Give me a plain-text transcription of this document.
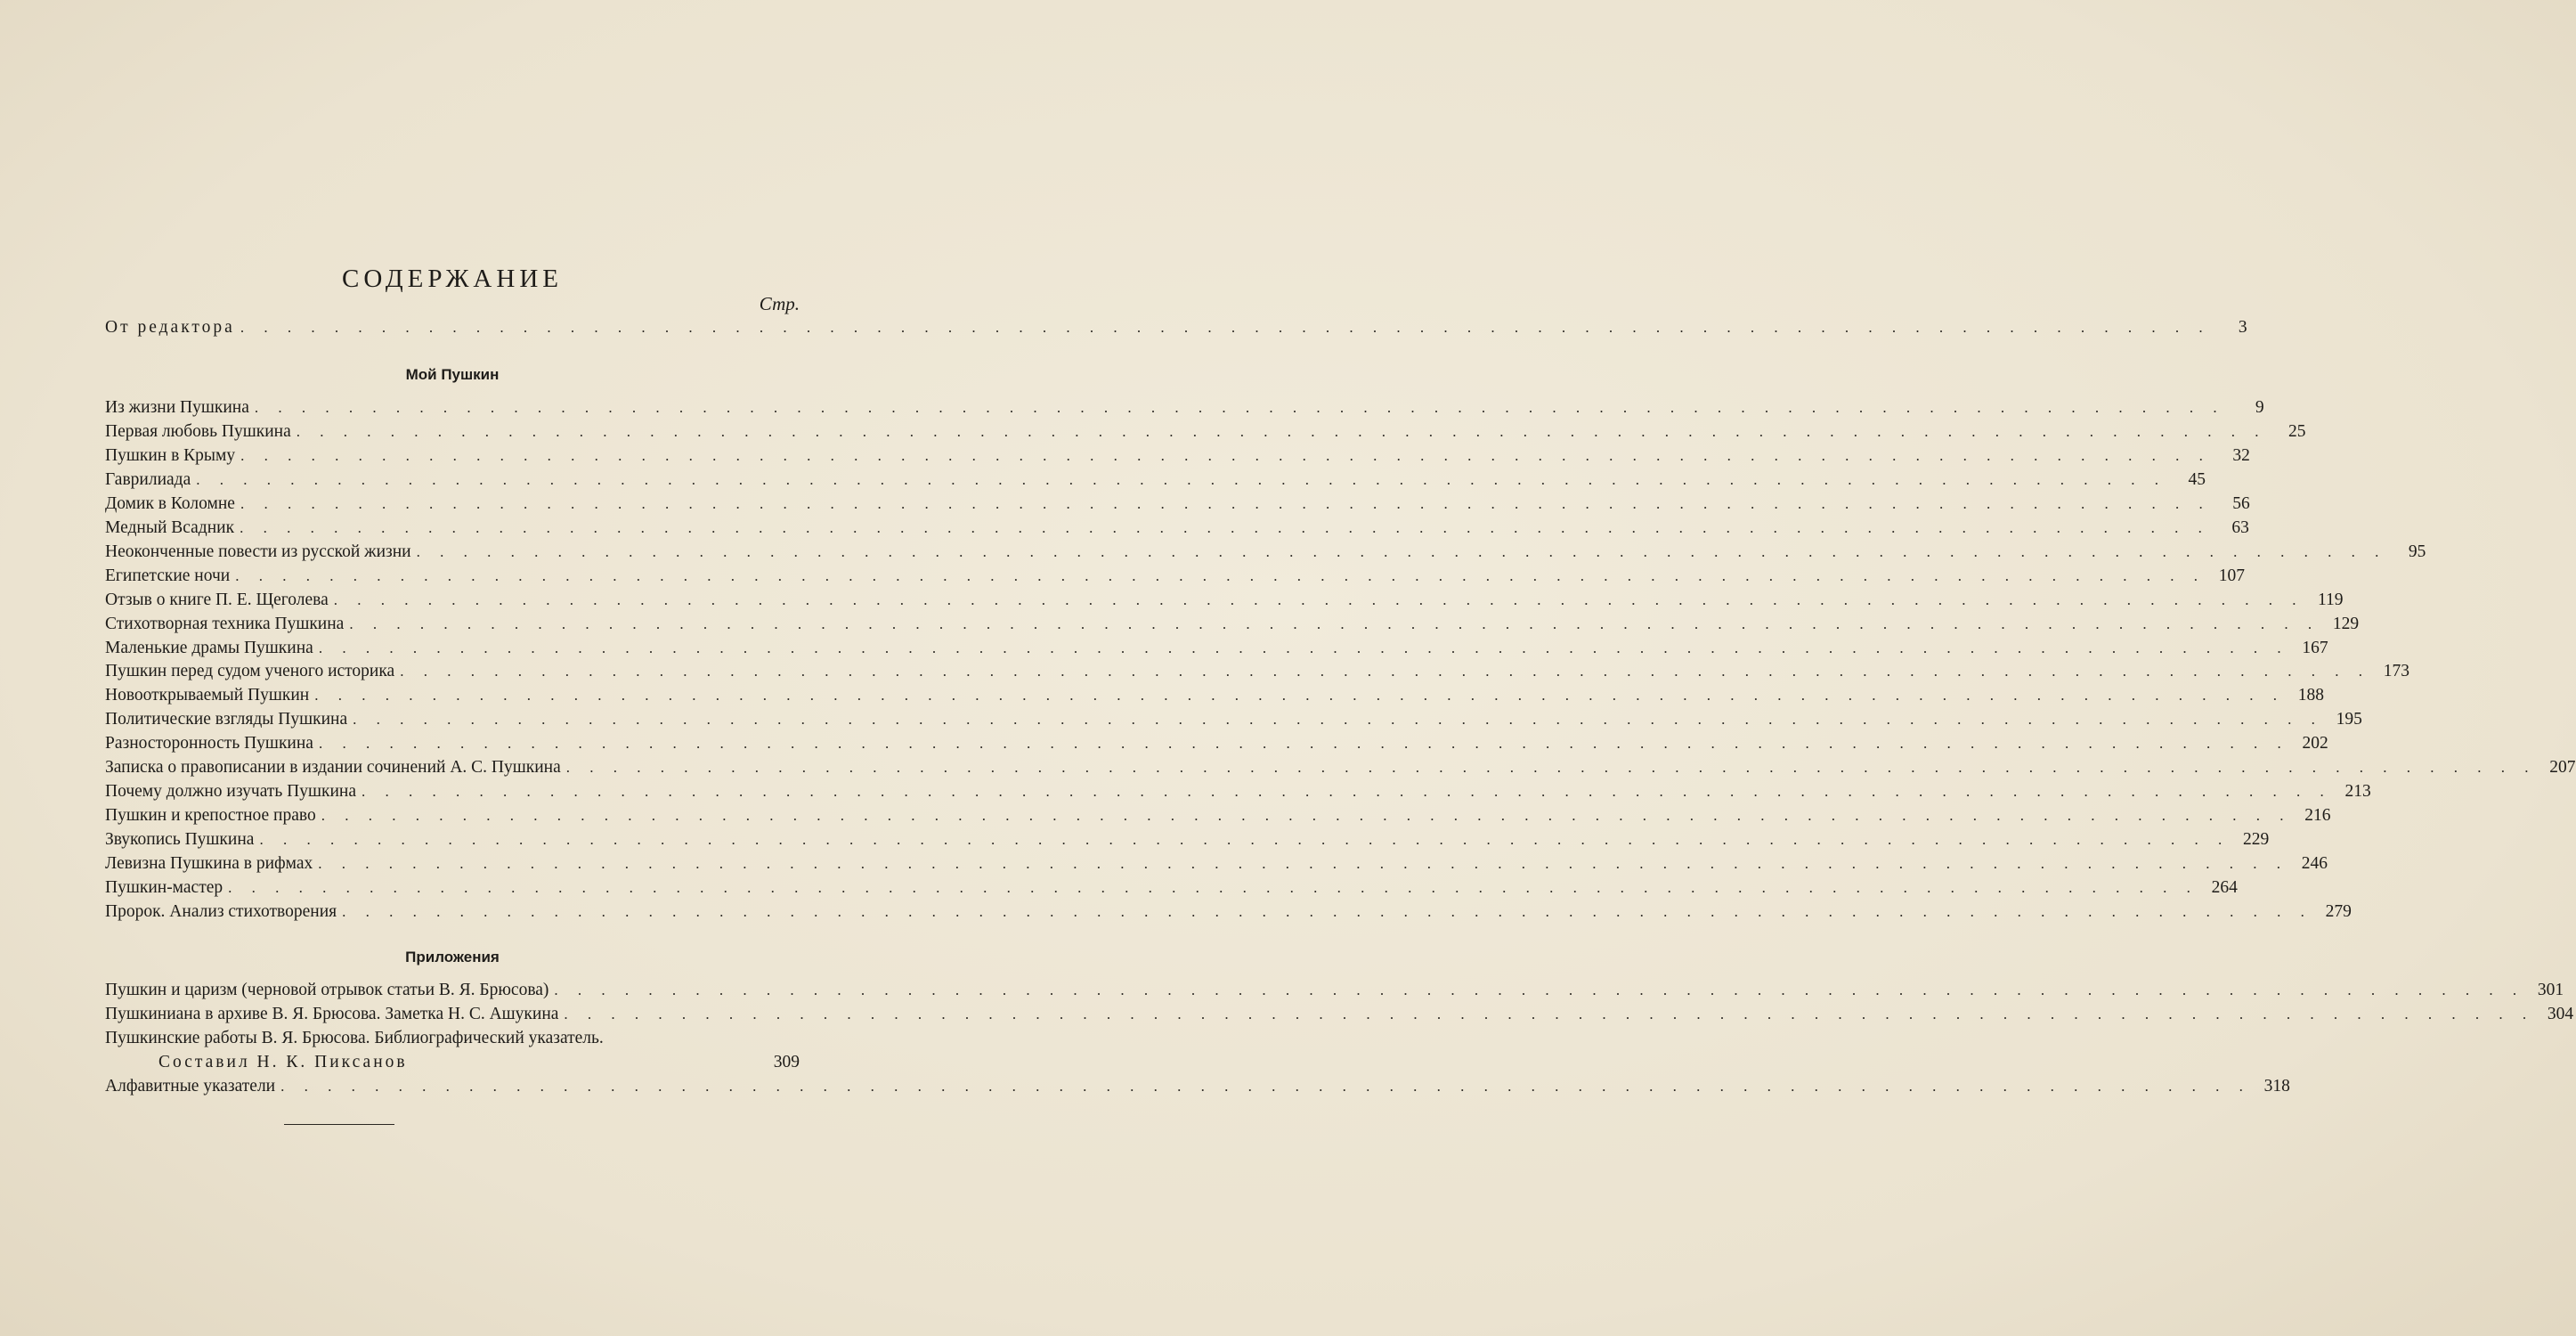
СОДЕРЖАНИЕ
Стр.
От редактора . . . . . . . . . . . . . . . . . . . . . . . . . . . . . . . . . . . . . . . . . . . . . . . . . . . . . . . . . . . . . . . . . . . . . . . . . . . . . . . . . . . .	3
Мой Пушкин
Из жизни Пушкина . . . . . . . . . . . . . . . . . . . . . . . . . . . . . . . . . . . . . . . . . . . . . . . . . . . . . . . . . . . . . . . . . . . . . . . . . . . . . . . . . . . .	9
Первая любовь Пушкина . . . . . . . . . . . . . . . . . . . . . . . . . . . . . . . . . . . . . . . . . . . . . . . . . . . . . . . . . . . . . . . . . . . . . . . . . . . . . . . . . . . .	25
Пушкин в Крыму . . . . . . . . . . . . . . . . . . . . . . . . . . . . . . . . . . . . . . . . . . . . . . . . . . . . . . . . . . . . . . . . . . . . . . . . . . . . . . . . . . . .	32
Гаврилиада . . . . . . . . . . . . . . . . . . . . . . . . . . . . . . . . . . . . . . . . . . . . . . . . . . . . . . . . . . . . . . . . . . . . . . . . . . . . . . . . . . . .	45
Домик в Коломне . . . . . . . . . . . . . . . . . . . . . . . . . . . . . . . . . . . . . . . . . . . . . . . . . . . . . . . . . . . . . . . . . . . . . . . . . . . . . . . . . . . .	56
Медный Всадник . . . . . . . . . . . . . . . . . . . . . . . . . . . . . . . . . . . . . . . . . . . . . . . . . . . . . . . . . . . . . . . . . . . . . . . . . . . . . . . . . . . .	63
Неоконченные повести из русской жизни . . . . . . . . . . . . . . . . . . . . . . . . . . . . . . . . . . . . . . . . . . . . . . . . . . . . . . . . . . . . . . . . . . . . . . . . . . . . . . . . . . . .	95
Египетские ночи . . . . . . . . . . . . . . . . . . . . . . . . . . . . . . . . . . . . . . . . . . . . . . . . . . . . . . . . . . . . . . . . . . . . . . . . . . . . . . . . . . . . 107
Отзыв о книге П. Е. Щеголева . . . . . . . . . . . . . . . . . . . . . . . . . . . . . . . . . . . . . . . . . . . . . . . . . . . . . . . . . . . . . . . . . . . . . . . . . . . . . . . . . . . . 119
Стихотворная техника Пушкина . . . . . . . . . . . . . . . . . . . . . . . . . . . . . . . . . . . . . . . . . . . . . . . . . . . . . . . . . . . . . . . . . . . . . . . . . . . . . . . . . . . . 129
Маленькие драмы Пушкина . . . . . . . . . . . . . . . . . . . . . . . . . . . . . . . . . . . . . . . . . . . . . . . . . . . . . . . . . . . . . . . . . . . . . . . . . . . . . . . . . . . . 167
Пушкин перед судом ученого историка . . . . . . . . . . . . . . . . . . . . . . . . . . . . . . . . . . . . . . . . . . . . . . . . . . . . . . . . . . . . . . . . . . . . . . . . . . . . . . . . . . . . 173
Новооткрываемый Пушкин . . . . . . . . . . . . . . . . . . . . . . . . . . . . . . . . . . . . . . . . . . . . . . . . . . . . . . . . . . . . . . . . . . . . . . . . . . . . . . . . . . . . 188
Политические взгляды Пушкина . . . . . . . . . . . . . . . . . . . . . . . . . . . . . . . . . . . . . . . . . . . . . . . . . . . . . . . . . . . . . . . . . . . . . . . . . . . . . . . . . . . . 195
Разносторонность Пушкина . . . . . . . . . . . . . . . . . . . . . . . . . . . . . . . . . . . . . . . . . . . . . . . . . . . . . . . . . . . . . . . . . . . . . . . . . . . . . . . . . . . . 202
Записка о правописании в издании сочинений А. С. Пушкина . . . . . . . . . . . . . . . . . . . . . . . . . . . . . . . . . . . . . . . . . . . . . . . . . . . . . . . . . . . . . . . . . . . . . . . . . . . . . . . . . . . . 207
Почему должно изучать Пушкина . . . . . . . . . . . . . . . . . . . . . . . . . . . . . . . . . . . . . . . . . . . . . . . . . . . . . . . . . . . . . . . . . . . . . . . . . . . . . . . . . . . . 213
Пушкин и крепостное право . . . . . . . . . . . . . . . . . . . . . . . . . . . . . . . . . . . . . . . . . . . . . . . . . . . . . . . . . . . . . . . . . . . . . . . . . . . . . . . . . . . . 216
Звукопись Пушкина . . . . . . . . . . . . . . . . . . . . . . . . . . . . . . . . . . . . . . . . . . . . . . . . . . . . . . . . . . . . . . . . . . . . . . . . . . . . . . . . . . . . 229
Левизна Пушкина в рифмах . . . . . . . . . . . . . . . . . . . . . . . . . . . . . . . . . . . . . . . . . . . . . . . . . . . . . . . . . . . . . . . . . . . . . . . . . . . . . . . . . . . . 246
Пушкин-мастер . . . . . . . . . . . . . . . . . . . . . . . . . . . . . . . . . . . . . . . . . . . . . . . . . . . . . . . . . . . . . . . . . . . . . . . . . . . . . . . . . . . . 264
Пророк. Анализ стихотворения . . . . . . . . . . . . . . . . . . . . . . . . . . . . . . . . . . . . . . . . . . . . . . . . . . . . . . . . . . . . . . . . . . . . . . . . . . . . . . . . . . . . 279
Приложения
Пушкин и царизм (черновой отрывок статьи В. Я. Брюсова) . . . . . . . . . . . . . . . . . . . . . . . . . . . . . . . . . . . . . . . . . . . . . . . . . . . . . . . . . . . . . . . . . . . . . . . . . . . . . . . . . . . . 301
Пушкиниана в архиве В. Я. Брюсова. Заметка Н. С. Ашукина . . . . . . . . . . . . . . . . . . . . . . . . . . . . . . . . . . . . . . . . . . . . . . . . . . . . . . . . . . . . . . . . . . . . . . . . . . . . . . . . . . . . 304
Пушкинские работы В. Я. Брюсова. Библиографический указатель.
Составил Н. К. Пиксанов	309
Алфавитные указатели . . . . . . . . . . . . . . . . . . . . . . . . . . . . . . . . . . . . . . . . . . . . . . . . . . . . . . . . . . . . . . . . . . . . . . . . . . . . . . . . . . . . 318
